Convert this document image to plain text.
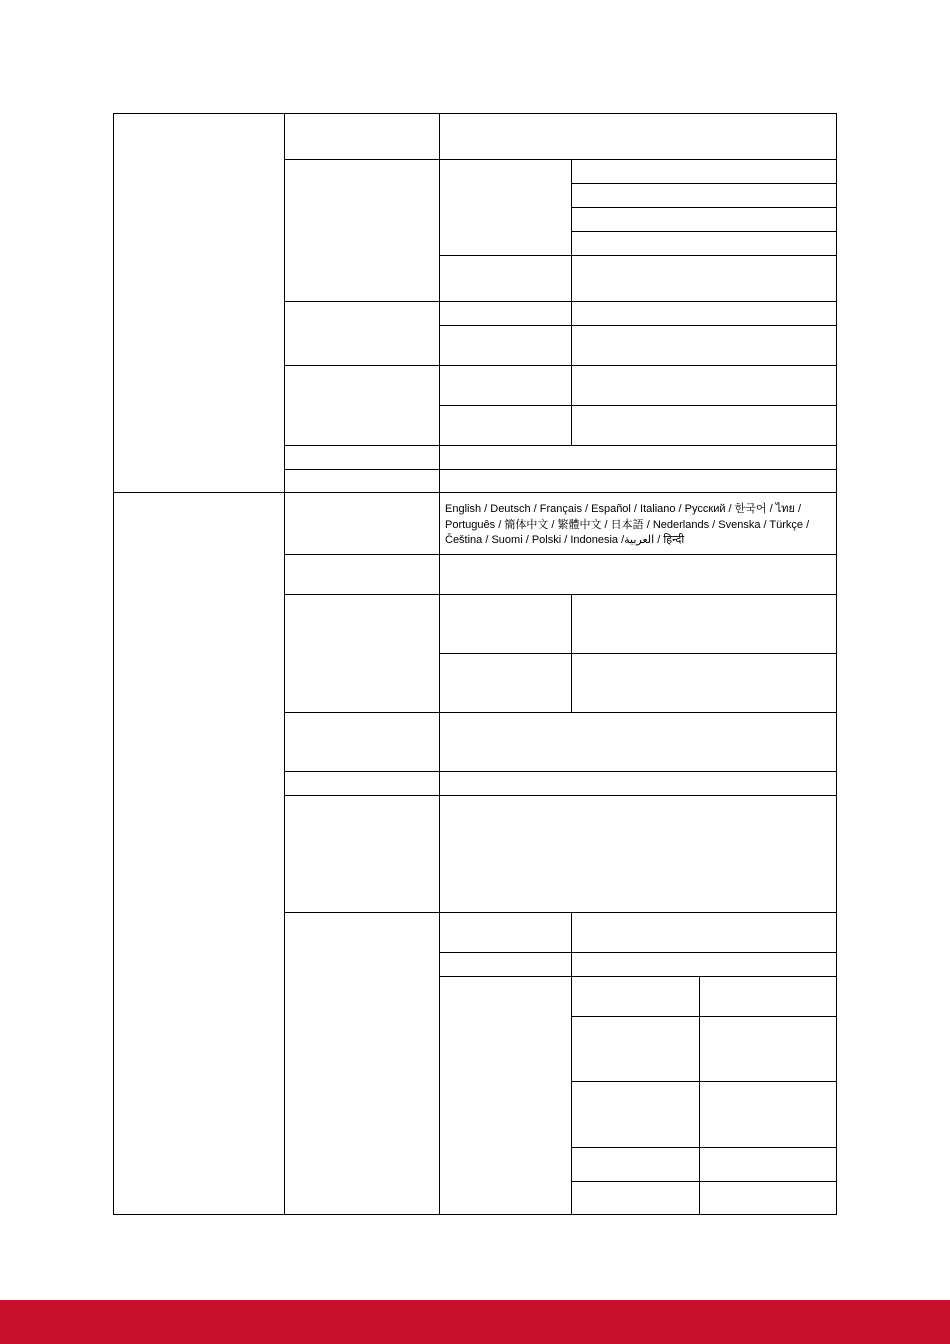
English / Deutsch / Français / Español / Italiano / Pусский / 한국어 / ไทย /
Português / 簡体中文 / 繁體中文 / 日本語 / Nederlands / Svenska / Türkçe /
Čeština / Suomi / Polski / Indonesia /العربية / हिन्दी
